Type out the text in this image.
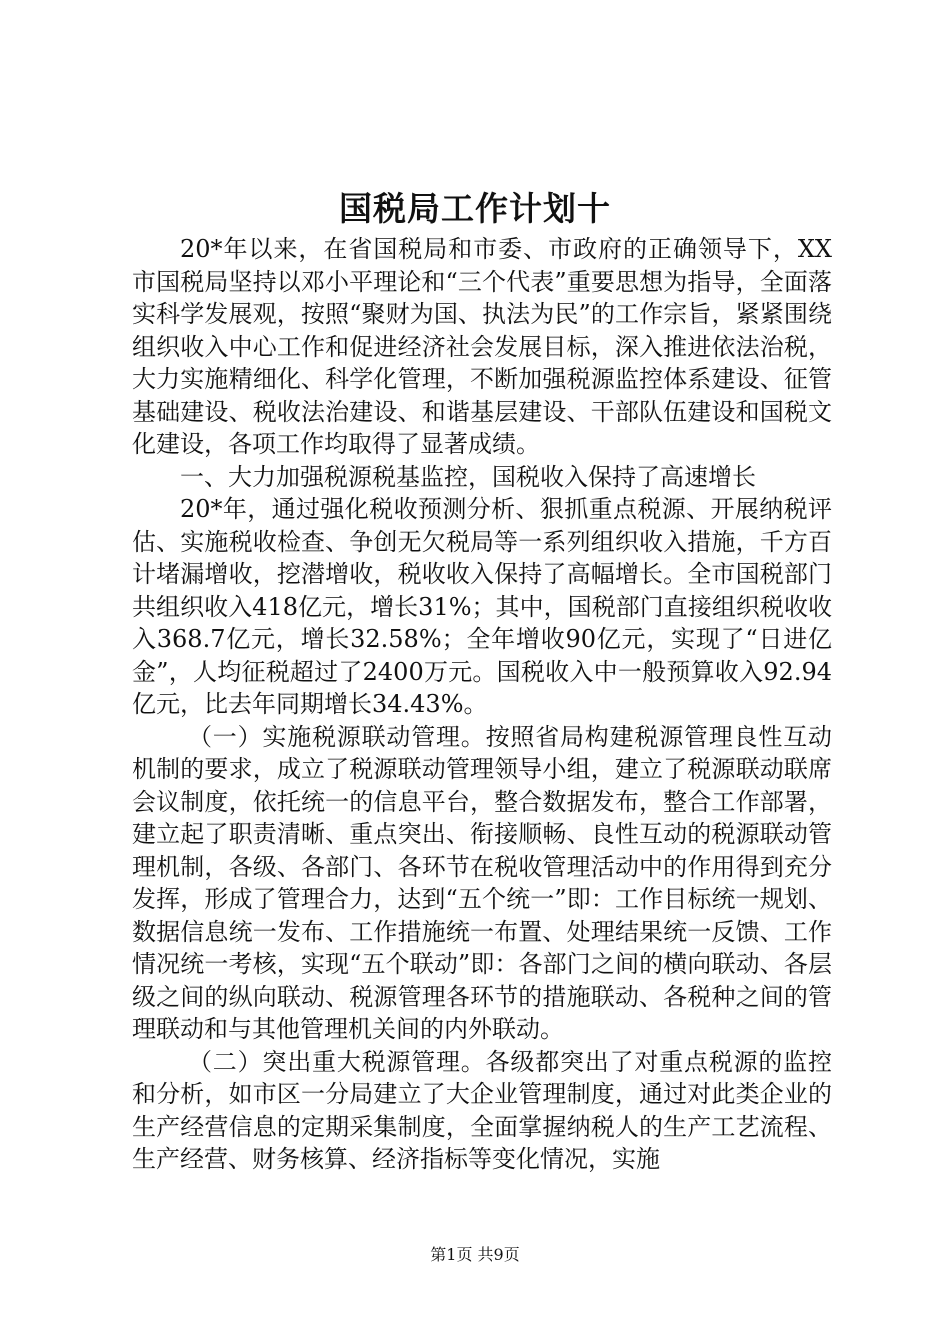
国税局工作计划十

20*年以来，在省国税局和市委、市政府的正确领导下，XX市国税局坚持以邓小平理论和“三个代表”重要思想为指导，全面落实科学发展观，按照“聚财为国、执法为民”的工作宗旨，紧紧围绕组织收入中心工作和促进经济社会发展目标，深入推进依法治税，大力实施精细化、科学化管理，不断加强税源监控体系建设、征管基础建设、税收法治建设、和谐基层建设、干部队伍建设和国税文化建设，各项工作均取得了显著成绩。

一、大力加强税源税基监控，国税收入保持了高速增长

20*年，通过强化税收预测分析、狠抓重点税源、开展纳税评估、实施税收检查、争创无欠税局等一系列组织收入措施，千方百计堵漏增收，挖潜增收，税收收入保持了高幅增长。全市国税部门共组织收入418亿元，增长31%；其中，国税部门直接组织税收收入368.7亿元，增长32.58%；全年增收90亿元，实现了“日进亿金”，人均征税超过了2400万元。国税收入中一般预算收入92.94亿元，比去年同期增长34.43%。

（一）实施税源联动管理。按照省局构建税源管理良性互动机制的要求，成立了税源联动管理领导小组，建立了税源联动联席会议制度，依托统一的信息平台，整合数据发布，整合工作部署，建立起了职责清晰、重点突出、衔接顺畅、良性互动的税源联动管理机制，各级、各部门、各环节在税收管理活动中的作用得到充分发挥，形成了管理合力，达到“五个统一”即：工作目标统一规划、数据信息统一发布、工作措施统一布置、处理结果统一反馈、工作情况统一考核，实现“五个联动”即：各部门之间的横向联动、各层级之间的纵向联动、税源管理各环节的措施联动、各税种之间的管理联动和与其他管理机关间的内外联动。

（二）突出重大税源管理。各级都突出了对重点税源的监控和分析，如市区一分局建立了大企业管理制度，通过对此类企业的生产经营信息的定期采集制度，全面掌握纳税人的生产工艺流程、生产经营、财务核算、经济指标等变化情况，实施

第1页 共9页
